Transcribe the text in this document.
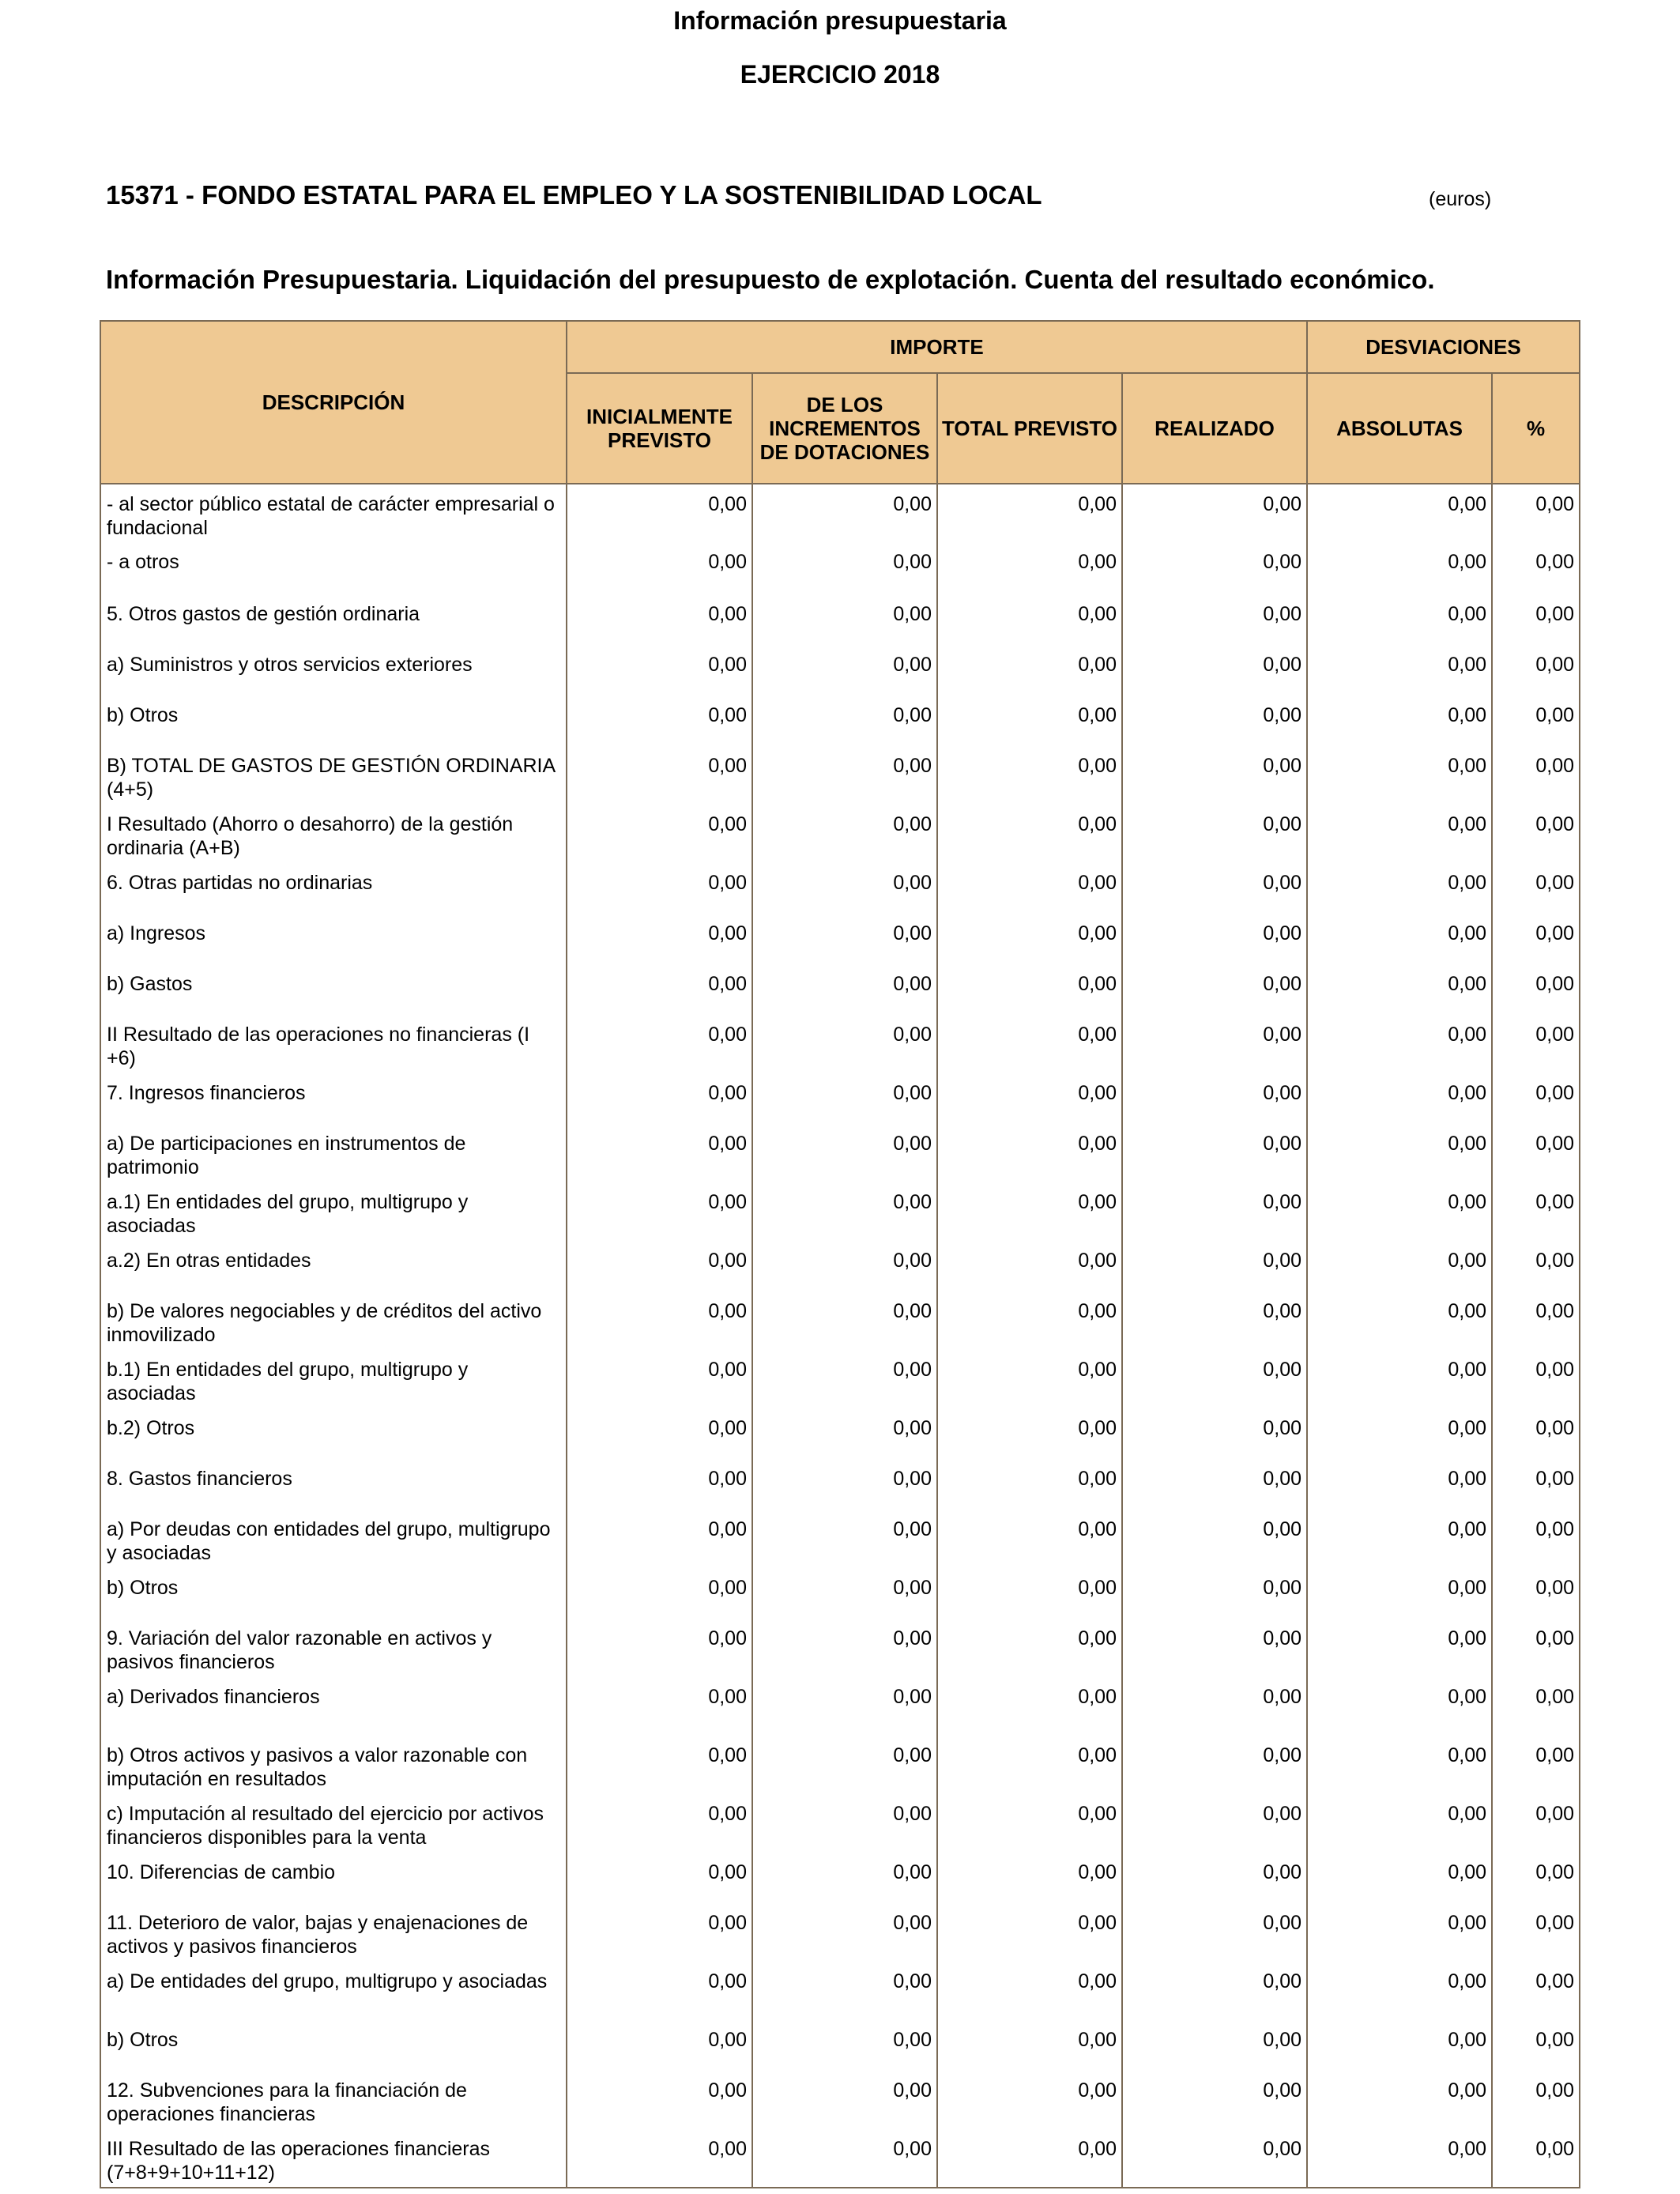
Información presupuestaria
EJERCICIO 2018
15371 - FONDO ESTATAL PARA EL EMPLEO Y LA SOSTENIBILIDAD LOCAL	(euros)
Información Presupuestaria. Liquidación del presupuesto de explotación. Cuenta del resultado económico.
DESCRIPCIÓN	IMPORTE				DESVIACIONES	
	INICIALMENTE PREVISTO	DE LOS INCREMENTOS DE DOTACIONES	TOTAL PREVISTO	REALIZADO	ABSOLUTAS	%
- al sector público estatal de carácter empresarial o fundacional	0,00	0,00	0,00	0,00	0,00	0,00
- a otros	0,00	0,00	0,00	0,00	0,00	0,00
5. Otros gastos de gestión ordinaria	0,00	0,00	0,00	0,00	0,00	0,00
a) Suministros y otros servicios exteriores	0,00	0,00	0,00	0,00	0,00	0,00
b) Otros	0,00	0,00	0,00	0,00	0,00	0,00
B) TOTAL DE GASTOS DE GESTIÓN ORDINARIA (4+5)	0,00	0,00	0,00	0,00	0,00	0,00
I Resultado (Ahorro o desahorro) de la gestión ordinaria (A+B)	0,00	0,00	0,00	0,00	0,00	0,00
6. Otras partidas no ordinarias	0,00	0,00	0,00	0,00	0,00	0,00
a) Ingresos	0,00	0,00	0,00	0,00	0,00	0,00
b) Gastos	0,00	0,00	0,00	0,00	0,00	0,00
II Resultado de las operaciones no financieras (I +6)	0,00	0,00	0,00	0,00	0,00	0,00
7. Ingresos financieros	0,00	0,00	0,00	0,00	0,00	0,00
a) De participaciones en instrumentos de patrimonio	0,00	0,00	0,00	0,00	0,00	0,00
a.1) En entidades del grupo, multigrupo y asociadas	0,00	0,00	0,00	0,00	0,00	0,00
a.2) En otras entidades	0,00	0,00	0,00	0,00	0,00	0,00
b) De valores negociables y de créditos del activo inmovilizado	0,00	0,00	0,00	0,00	0,00	0,00
b.1) En entidades del grupo, multigrupo y asociadas	0,00	0,00	0,00	0,00	0,00	0,00
b.2) Otros	0,00	0,00	0,00	0,00	0,00	0,00
8. Gastos financieros	0,00	0,00	0,00	0,00	0,00	0,00
a) Por deudas con entidades del grupo, multigrupo y asociadas	0,00	0,00	0,00	0,00	0,00	0,00
b) Otros	0,00	0,00	0,00	0,00	0,00	0,00
9. Variación del valor razonable en activos y pasivos financieros	0,00	0,00	0,00	0,00	0,00	0,00
a) Derivados financieros	0,00	0,00	0,00	0,00	0,00	0,00
b) Otros activos y pasivos a valor razonable con imputación en resultados	0,00	0,00	0,00	0,00	0,00	0,00
c) Imputación al resultado del ejercicio por activos financieros disponibles para la venta	0,00	0,00	0,00	0,00	0,00	0,00
10. Diferencias de cambio	0,00	0,00	0,00	0,00	0,00	0,00
11. Deterioro de valor, bajas y enajenaciones de activos y pasivos financieros	0,00	0,00	0,00	0,00	0,00	0,00
a) De entidades del grupo, multigrupo y asociadas	0,00	0,00	0,00	0,00	0,00	0,00
b) Otros	0,00	0,00	0,00	0,00	0,00	0,00
12. Subvenciones para la financiación de operaciones financieras	0,00	0,00	0,00	0,00	0,00	0,00
III Resultado de las operaciones financieras (7+8+9+10+11+12)	0,00	0,00	0,00	0,00	0,00	0,00
